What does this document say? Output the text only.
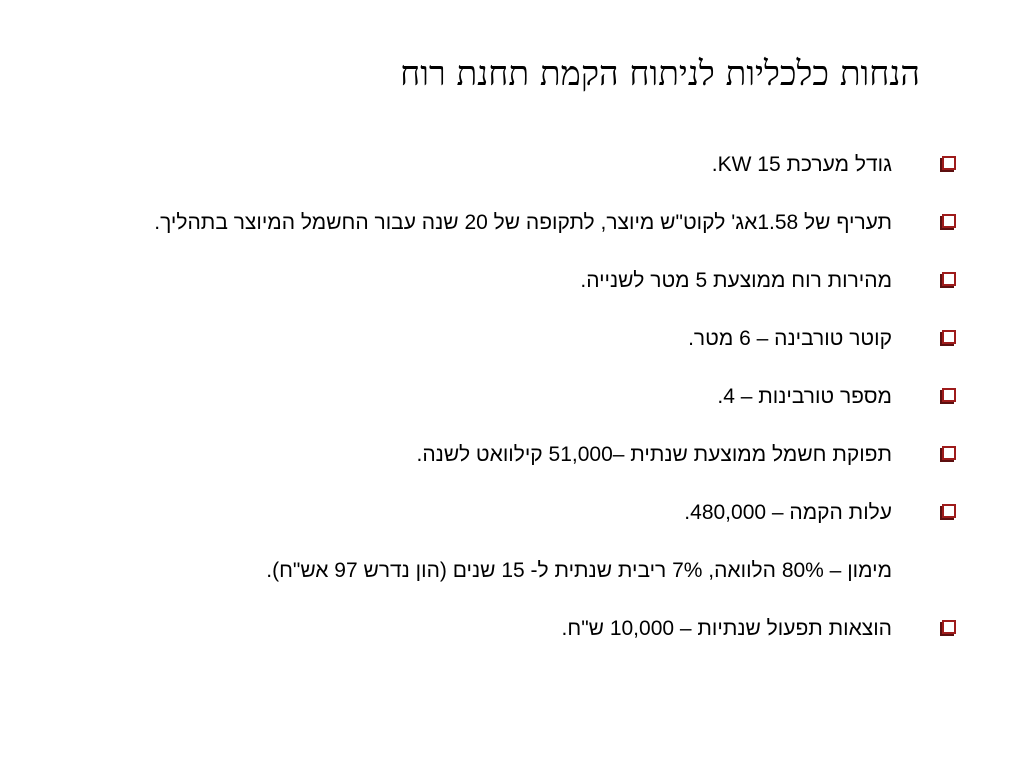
הנחות כלכליות לניתוח הקמת תחנת רוח
גודל מערכת 15 KW.
תעריף של 1.58אג' לקוט"ש מיוצר, לתקופה של 20 שנה עבור החשמל המיוצר בתהליך.
מהירות רוח ממוצעת 5 מטר לשנייה.
קוטר טורבינה – 6 מטר.
מספר טורבינות – 4.
תפוקת חשמל ממוצעת שנתית –51,000 קילוואט לשנה.
עלות הקמה – 480,000.
מימון – 80% הלוואה, 7% ריבית שנתית ל- 15 שנים (הון נדרש 97 אש"ח).
הוצאות תפעול שנתיות – 10,000 ש"ח.
